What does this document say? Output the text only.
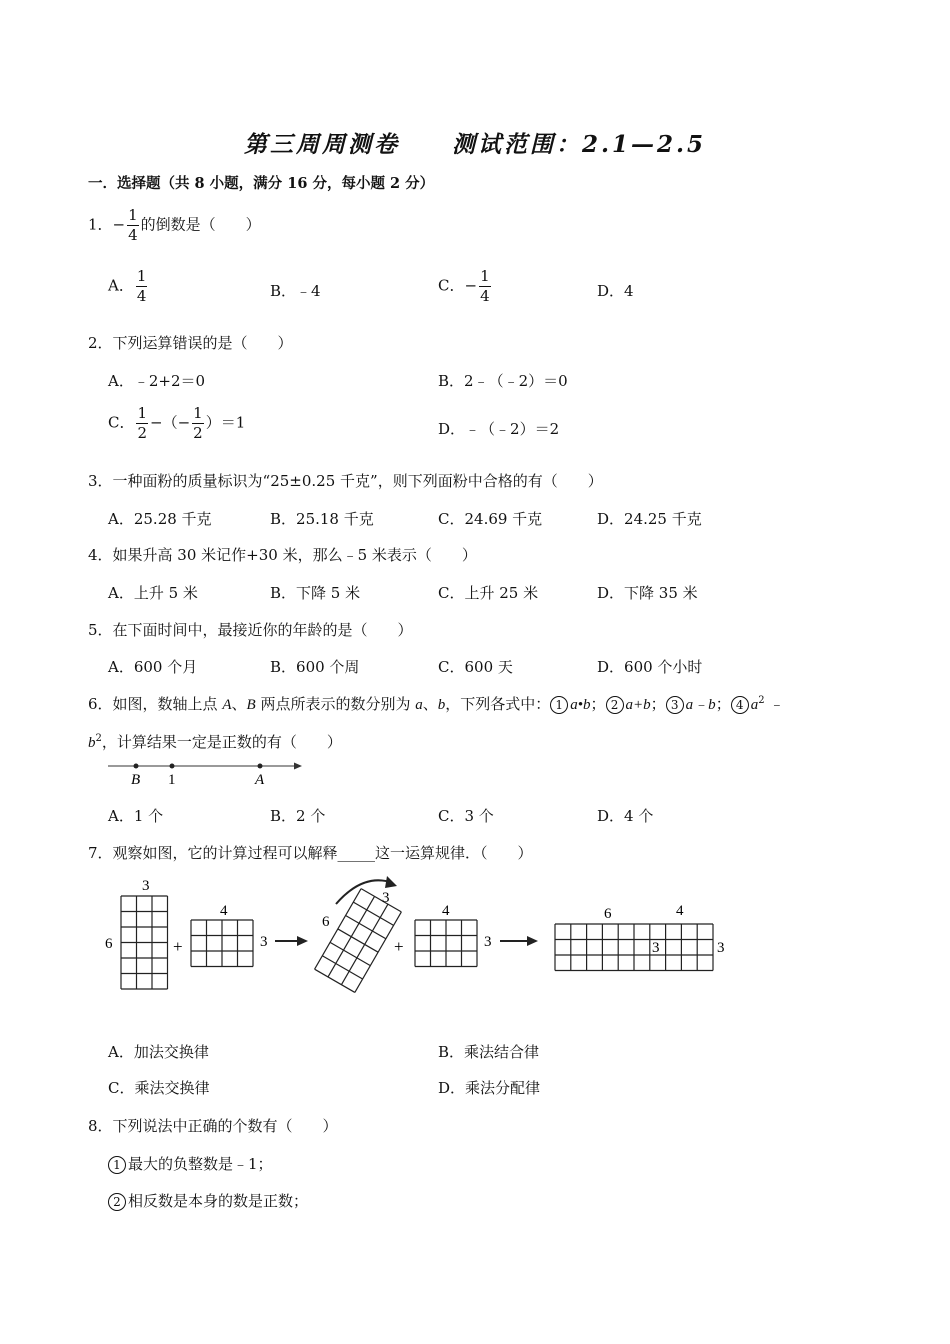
第三周周测卷　　测试范围：2.1—2.5
一．选择题（共 8 小题，满分 16 分，每小题 2 分）
1．− $\frac{1}{4}$ 的倒数是（　　）
A． $\frac{1}{4}$	B．﹣4	C．− $\frac{1}{4}$	D．4
2．下列运算错误的是（　　）
A．﹣2+2＝0	B．2﹣（﹣2）＝0
C． $\frac{1}{2}$ −（− $\frac{1}{2} )=1$	D．﹣（﹣2）＝2
3．一种面粉的质量标识为“25±0.25 千克”，则下列面粉中合格的有（　　）
A．25.28 千克	B．25.18 千克	C．24.69 千克	D．24.25 千克
4．如果升高 30 米记作+30 米，那么﹣5 米表示（　　）
A．上升 5 米	B．下降 5 米	C．上升 25 米	D．下降 35 米
5．在下面时间中，最接近你的年龄的是（　　）
A．600 个月	B．600 个周	C．600 天	D．600 个小时
6．如图，数轴上点 A、B 两点所表示的数分别为 a、b，下列各式中： 1 a•b； 2 a+b； 3 a﹣b； 4 $a^2$ ﹣
$b^2$，计算结果一定是正数的有（　　）
B 1	A
A．1 个	B．2 个	C．3 个	D．4 个
7．观察如图，它的计算过程可以解释_____这一运算规律．（　　）
3
6	+
4
3
6
3
+
4
3
6	4
3	3
A．加法交换律	B．乘法结合律
C．乘法交换律	D．乘法分配律
8．下列说法中正确的个数有（　　）
1 最大的负整数是﹣1；
2 相反数是本身的数是正数；
